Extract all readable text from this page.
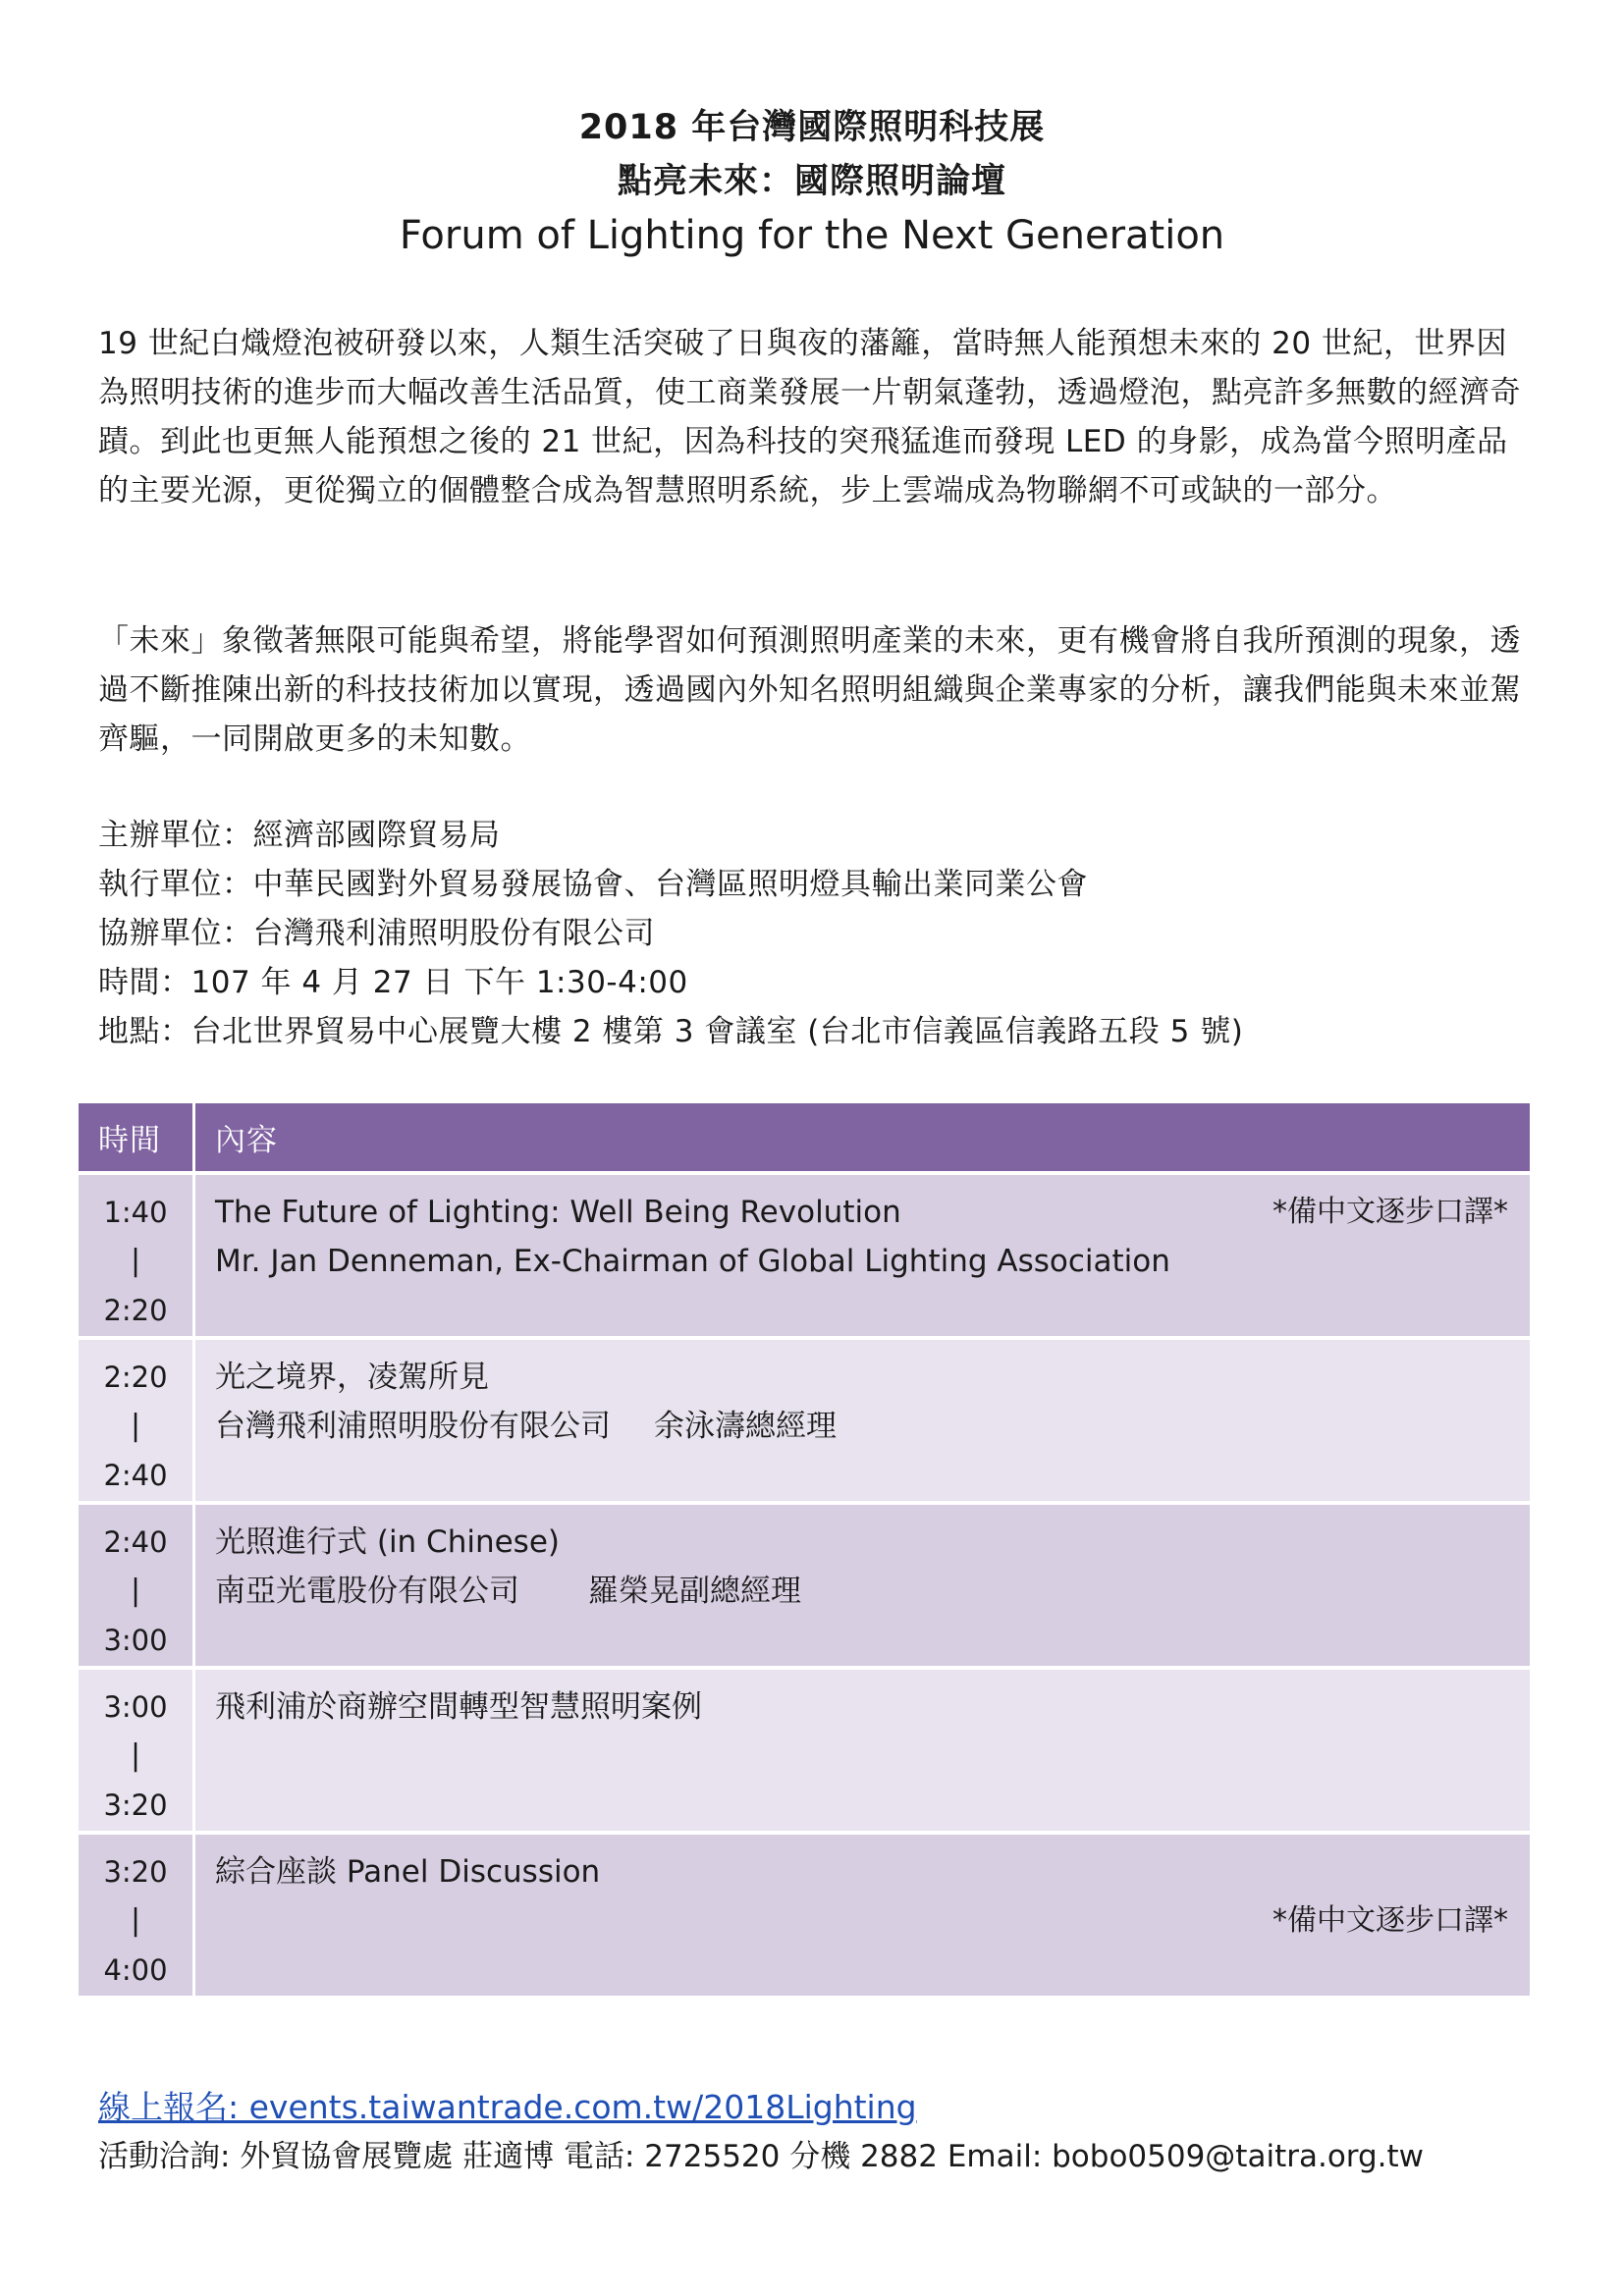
2018 年台灣國際照明科技展
點亮未來：國際照明論壇
Forum of Lighting for the Next Generation

19 世紀白熾燈泡被研發以來，人類生活突破了日與夜的藩籬，當時無人能預想未來的 20 世紀，世界因為照明技術的進步而大幅改善生活品質，使工商業發展一片朝氣蓬勃，透過燈泡，點亮許多無數的經濟奇蹟。到此也更無人能預想之後的 21 世紀，因為科技的突飛猛進而發現 LED 的身影，成為當今照明產品的主要光源，更從獨立的個體整合成為智慧照明系統，步上雲端成為物聯網不可或缺的一部分。

「未來」象徵著無限可能與希望，將能學習如何預測照明產業的未來，更有機會將自我所預測的現象，透過不斷推陳出新的科技技術加以實現，透過國內外知名照明組織與企業專家的分析，讓我們能與未來並駕齊驅，一同開啟更多的未知數。

主辦單位：經濟部國際貿易局
執行單位：中華民國對外貿易發展協會、台灣區照明燈具輸出業同業公會
協辦單位：台灣飛利浦照明股份有限公司
時間：107 年 4 月 27 日 下午 1:30-4:00
地點：台北世界貿易中心展覽大樓 2 樓第 3 會議室 (台北市信義區信義路五段 5 號)
時間	內容

1:40
|
2:20	*備中文逐步口譯*
The Future of Lighting: Well Being Revolution
Mr. Jan Denneman, Ex-Chairman of Global Lighting Association

2:20
|
2:40	光之境界，凌駕所見
台灣飛利浦照明股份有限公司 余泳濤總經理

2:40
|
3:00	光照進行式 (in Chinese)
南亞光電股份有限公司 羅榮晃副總經理

3:00
|
3:20	飛利浦於商辦空間轉型智慧照明案例

3:20
|
4:00	綜合座談 Panel Discussion
*備中文逐步口譯*
線上報名: events.taiwantrade.com.tw/2018Lighting
活動洽詢: 外貿協會展覽處 莊適博 電話: 2725520 分機 2882 Email: bobo0509@taitra.org.tw
